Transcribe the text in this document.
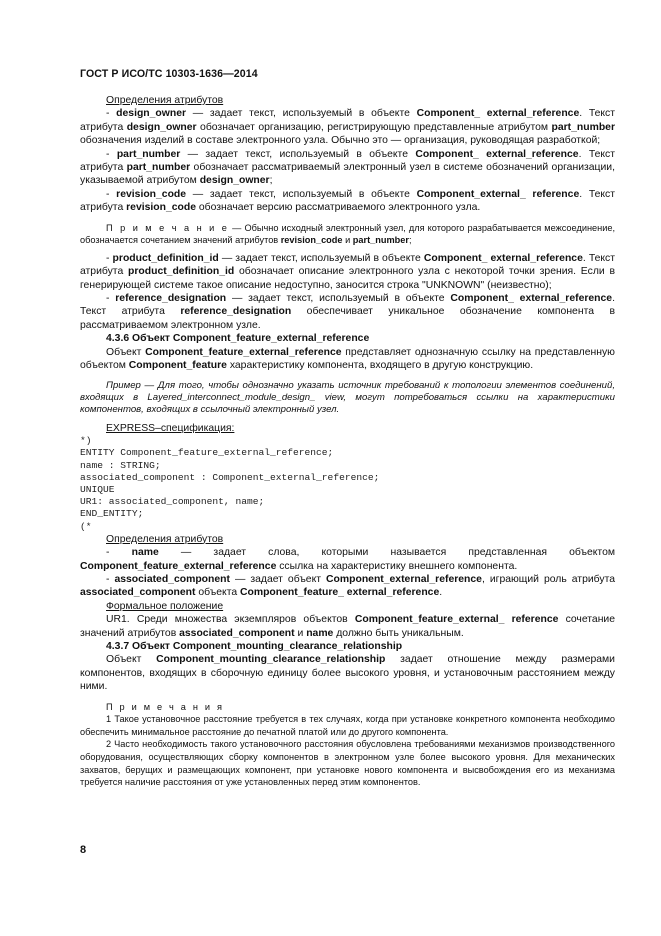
ГОСТ Р ИСО/ТС 10303-1636—2014

Определения атрибутов

- design_owner — задает текст, используемый в объекте Component_ external_reference. Текст атрибута design_owner обозначает организацию, регистрирующую представленные атрибутом part_number обозначения изделий в составе электронного узла. Обычно это — организация, руководящая разработкой;

- part_number — задает текст, используемый в объекте Component_ external_reference. Текст атрибута part_number обозначает рассматриваемый электронный узел в системе обозначений организации, указываемой атрибутом design_owner;

- revision_code — задает текст, используемый в объекте Component_external_ reference. Текст атрибута revision_code обозначает версию рассматриваемого электронного узла.

П р и м е ч а н и е — Обычно исходный электронный узел, для которого разрабатывается межсоединение, обозначается сочетанием значений атрибутов revision_code и part_number;

- product_definition_id — задает текст, используемый в объекте Component_ external_reference. Текст атрибута product_definition_id обозначает описание электронного узла с некоторой точки зрения. Если в генерирующей системе такое описание недоступно, заносится строка "UNKNOWN" (неизвестно);

- reference_designation — задает текст, используемый в объекте Component_ external_reference. Текст атрибута reference_designation обеспечивает уникальное обозначение компонента в рассматриваемом электронном узле.

4.3.6 Объект Component_feature_external_reference

Объект Component_feature_external_reference представляет однозначную ссылку на представленную объектом Component_feature характеристику компонента, входящего в другую конструкцию.

Пример — Для того, чтобы однозначно указать источник требований к топологии элементов соединений, входящих в Layered_interconnect_module_design_ view, могут потребоваться ссылки на характеристики компонентов, входящих в ссылочный электронный узел.

EXPRESS–спецификация:

*)
ENTITY Component_feature_external_reference;
name : STRING;
associated_component : Component_external_reference;
UNIQUE
UR1: associated_component, name;
END_ENTITY;
(*

Определения атрибутов

- name — задает слова, которыми называется представленная объектом Component_feature_external_reference ссылка на характеристику внешнего компонента.

- associated_component — задает объект Component_external_reference, играющий роль атрибута associated_component объекта Component_feature_ external_reference.

Формальное положение

UR1. Среди множества экземпляров объектов Component_feature_external_ reference сочетание значений атрибутов associated_component и name должно быть уникальным.

4.3.7 Объект Component_mounting_clearance_relationship

Объект Component_mounting_clearance_relationship задает отношение между размерами компонентов, входящих в сборочную единицу более высокого уровня, и установочным расстоянием между ними.

П р и м е ч а н и я

1 Такое установочное расстояние требуется в тех случаях, когда при установке конкретного компонента необходимо обеспечить минимальное расстояние до печатной платой или до другого компонента.

2 Часто необходимость такого установочного расстояния обусловлена требованиями механизмов производственного оборудования, осуществляющих сборку компонентов в электронном узле более высокого уровня. Для механических захватов, берущих и размещающих компонент, при установке нового компонента и высвобождения его из механизма требуется наличие расстояния от уже установленных перед этим компонентов.

8
